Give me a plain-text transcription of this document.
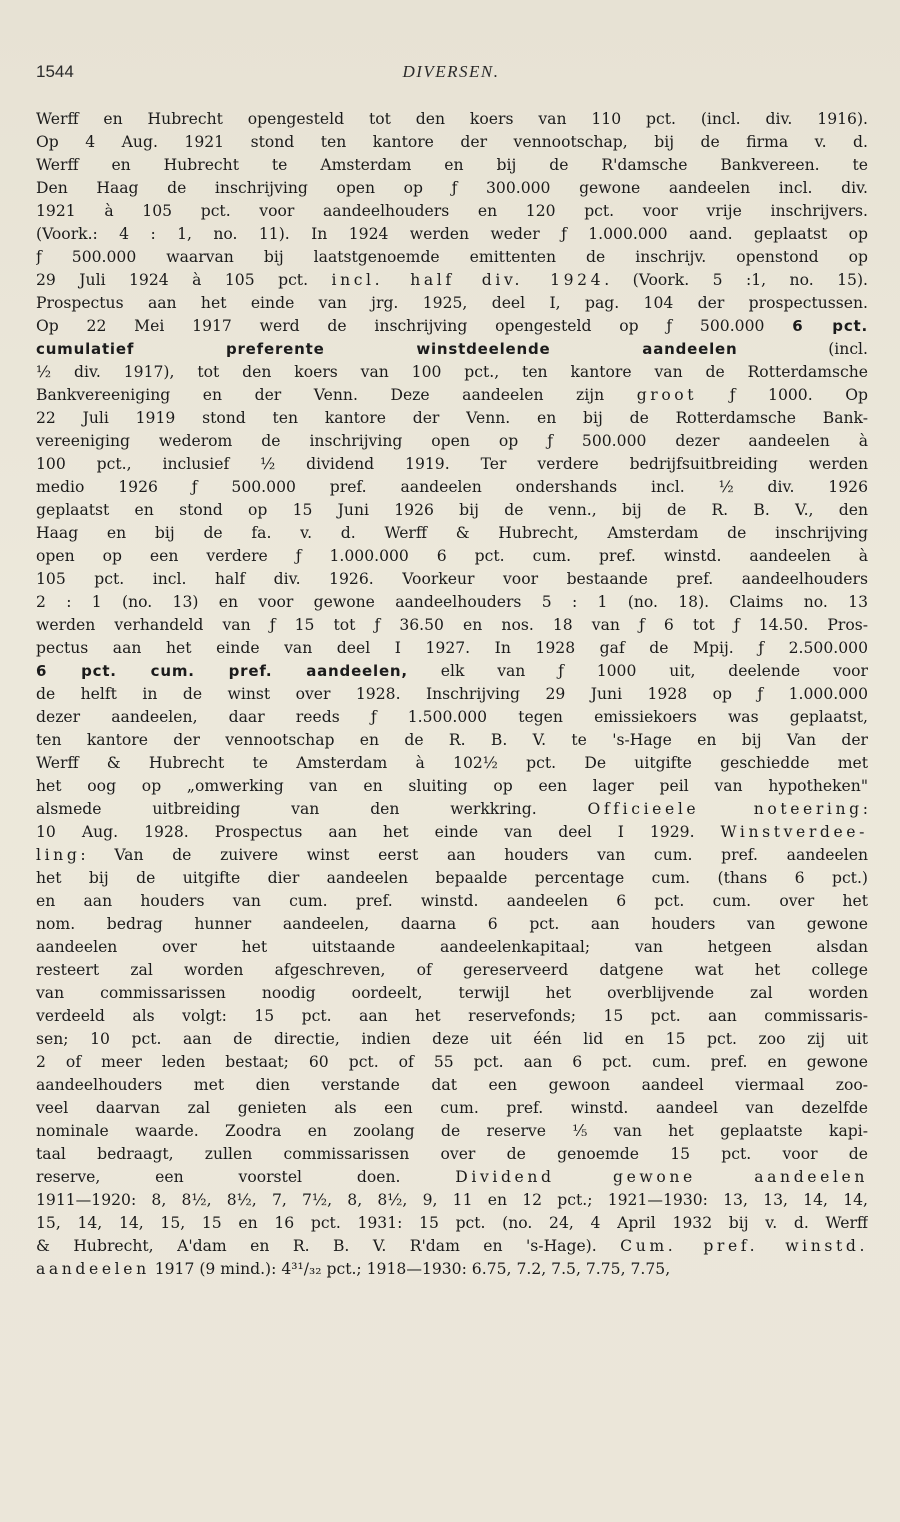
1544	DIVERSEN.
Werff en Hubrecht opengesteld tot den koers van 110 pct. (incl. div. 1916).
Op 4 Aug. 1921 stond ten kantore der vennootschap, bij de firma v. d.
Werff en Hubrecht te Amsterdam en bij de R'damsche Bankvereen. te
Den Haag de inschrijving open op ƒ 300.000 gewone aandeelen incl. div.
1921 à 105 pct. voor aandeelhouders en 120 pct. voor vrije inschrijvers.
(Voork.: 4 : 1, no. 11). In 1924 werden weder ƒ 1.000.000 aand. geplaatst op
ƒ 500.000 waarvan bij laatstgenoemde emittenten de inschrijv. openstond op
29 Juli 1924 à 105 pct. incl. half div. 1924. (Voork. 5 :1, no. 15).
Prospectus aan het einde van jrg. 1925, deel I, pag. 104 der prospectussen.
Op 22 Mei 1917 werd de inschrijving opengesteld op ƒ 500.000 6 pct.
cumulatief preferente winstdeelende aandeelen (incl.
½ div. 1917), tot den koers van 100 pct., ten kantore van de Rotterdamsche
Bankvereeniging en der Venn. Deze aandeelen zijn groot ƒ 1000. Op
22 Juli 1919 stond ten kantore der Venn. en bij de Rotterdamsche Bank-
vereeniging wederom de inschrijving open op ƒ 500.000 dezer aandeelen à
100 pct., inclusief ½ dividend 1919. Ter verdere bedrijfsuitbreiding werden
medio 1926 ƒ 500.000 pref. aandeelen ondershands incl. ½ div. 1926
geplaatst en stond op 15 Juni 1926 bij de venn., bij de R. B. V., den
Haag en bij de fa. v. d. Werff & Hubrecht, Amsterdam de inschrijving
open op een verdere ƒ 1.000.000 6 pct. cum. pref. winstd. aandeelen à
105 pct. incl. half div. 1926. Voorkeur voor bestaande pref. aandeelhouders
2 : 1 (no. 13) en voor gewone aandeelhouders 5 : 1 (no. 18). Claims no. 13
werden verhandeld van ƒ 15 tot ƒ 36.50 en nos. 18 van ƒ 6 tot ƒ 14.50. Pros-
pectus aan het einde van deel I 1927. In 1928 gaf de Mpij. ƒ 2.500.000
6 pct. cum. pref. aandeelen, elk van ƒ 1000 uit, deelende voor
de helft in de winst over 1928. Inschrijving 29 Juni 1928 op ƒ 1.000.000
dezer aandeelen, daar reeds ƒ 1.500.000 tegen emissiekoers was geplaatst,
ten kantore der vennootschap en de R. B. V. te 's-Hage en bij Van der
Werff & Hubrecht te Amsterdam à 102½ pct. De uitgifte geschiedde met
het oog op „omwerking van en sluiting op een lager peil van hypotheken"
alsmede uitbreiding van den werkkring. Officieele noteering:
10 Aug. 1928. Prospectus aan het einde van deel I 1929. Winstverdee-
ling: Van de zuivere winst eerst aan houders van cum. pref. aandeelen
het bij de uitgifte dier aandeelen bepaalde percentage cum. (thans 6 pct.)
en aan houders van cum. pref. winstd. aandeelen 6 pct. cum. over het
nom. bedrag hunner aandeelen, daarna 6 pct. aan houders van gewone
aandeelen over het uitstaande aandeelenkapitaal; van hetgeen alsdan
resteert zal worden afgeschreven, of gereserveerd datgene wat het college
van commissarissen noodig oordeelt, terwijl het overblijvende zal worden
verdeeld als volgt: 15 pct. aan het reservefonds; 15 pct. aan commissaris-
sen; 10 pct. aan de directie, indien deze uit één lid en 15 pct. zoo zij uit
2 of meer leden bestaat; 60 pct. of 55 pct. aan 6 pct. cum. pref. en gewone
aandeelhouders met dien verstande dat een gewoon aandeel viermaal zoo-
veel daarvan zal genieten als een cum. pref. winstd. aandeel van dezelfde
nominale waarde. Zoodra en zoolang de reserve ⅕ van het geplaatste kapi-
taal bedraagt, zullen commissarissen over de genoemde 15 pct. voor de
reserve, een voorstel doen. Dividend gewone aandeelen
1911—1920: 8, 8½, 8½, 7, 7½, 8, 8½, 9, 11 en 12 pct.; 1921—1930: 13, 13, 14, 14,
15, 14, 14, 15, 15 en 16 pct. 1931: 15 pct. (no. 24, 4 April 1932 bij v. d. Werff
& Hubrecht, A'dam en R. B. V. R'dam en 's-Hage). Cum. pref. winstd.
aandeelen 1917 (9 mind.): 4³¹/₃₂ pct.; 1918—1930: 6.75, 7.2, 7.5, 7.75, 7.75,
